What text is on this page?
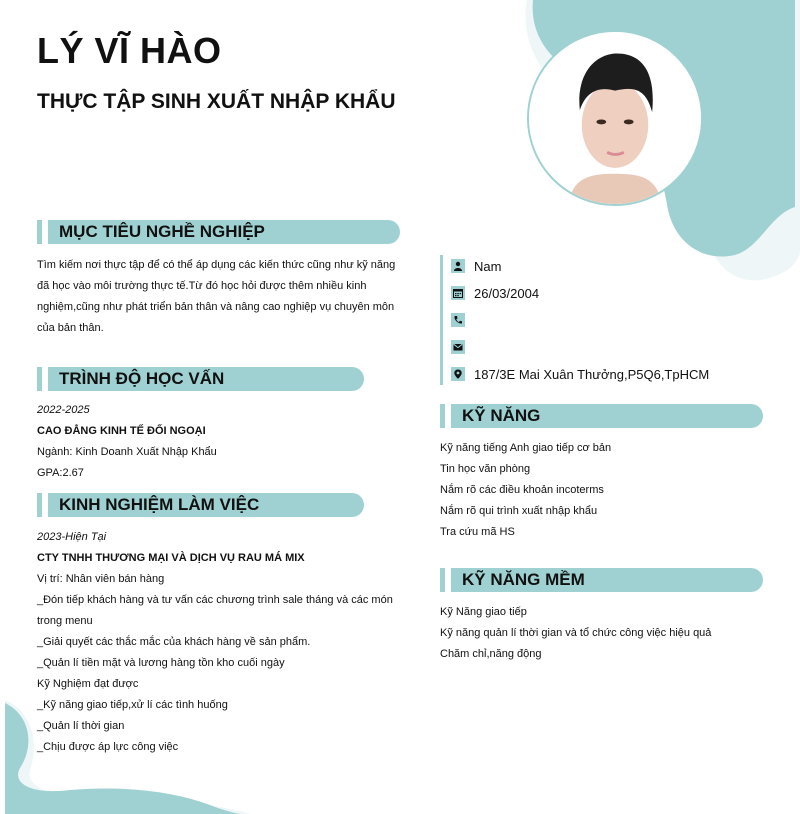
LÝ VĨ HÀO
THỰC TẬP SINH XUẤT NHẬP KHẨU
MỤC TIÊU NGHỀ NGHIỆP
Tìm kiếm nơi thực tập để có thể áp dụng các kiến thức cũng như kỹ năng
đã học vào môi trường thực tế.Từ đó học hỏi được thêm nhiều kinh
nghiệm,cũng như phát triển bản thân và nâng cao nghiệp vụ chuyên môn
của bản thân.
TRÌNH ĐỘ HỌC VẤN
2022-2025
CAO ĐẲNG KINH TẾ ĐỐI NGOẠI
Ngành: Kinh Doanh Xuất Nhập Khẩu
GPA:2.67
KINH NGHIỆM LÀM VIỆC
2023-Hiện Tại
CTY TNHH THƯƠNG MẠI VÀ DỊCH VỤ RAU MÁ MIX
Vị trí: Nhân viên bán hàng
_Đón tiếp khách hàng và tư vấn các chương trình sale tháng và các món
trong menu
_Giải quyết các thắc mắc của khách hàng về sản phẩm.
_Quản lí tiền mặt và lương hàng tồn kho cuối ngày
Kỹ Nghiệm đạt được
_Kỹ năng giao tiếp,xử lí các tình huống
_Quản lí thời gian
_Chịu được áp lực công việc
Nam
26/03/2004
187/3E Mai Xuân Thưởng,P5Q6,TpHCM
KỸ NĂNG
Kỹ năng tiếng Anh giao tiếp cơ bản
Tin học văn phòng
Nắm rõ các điều khoản incoterms
Nắm rõ qui trình xuất nhập khẩu
Tra cứu mã HS
KỸ NĂNG MỀM
Kỹ Năng giao tiếp
Kỹ năng quản lí thời gian và tổ chức công việc hiệu quả
Chăm chỉ,năng động
